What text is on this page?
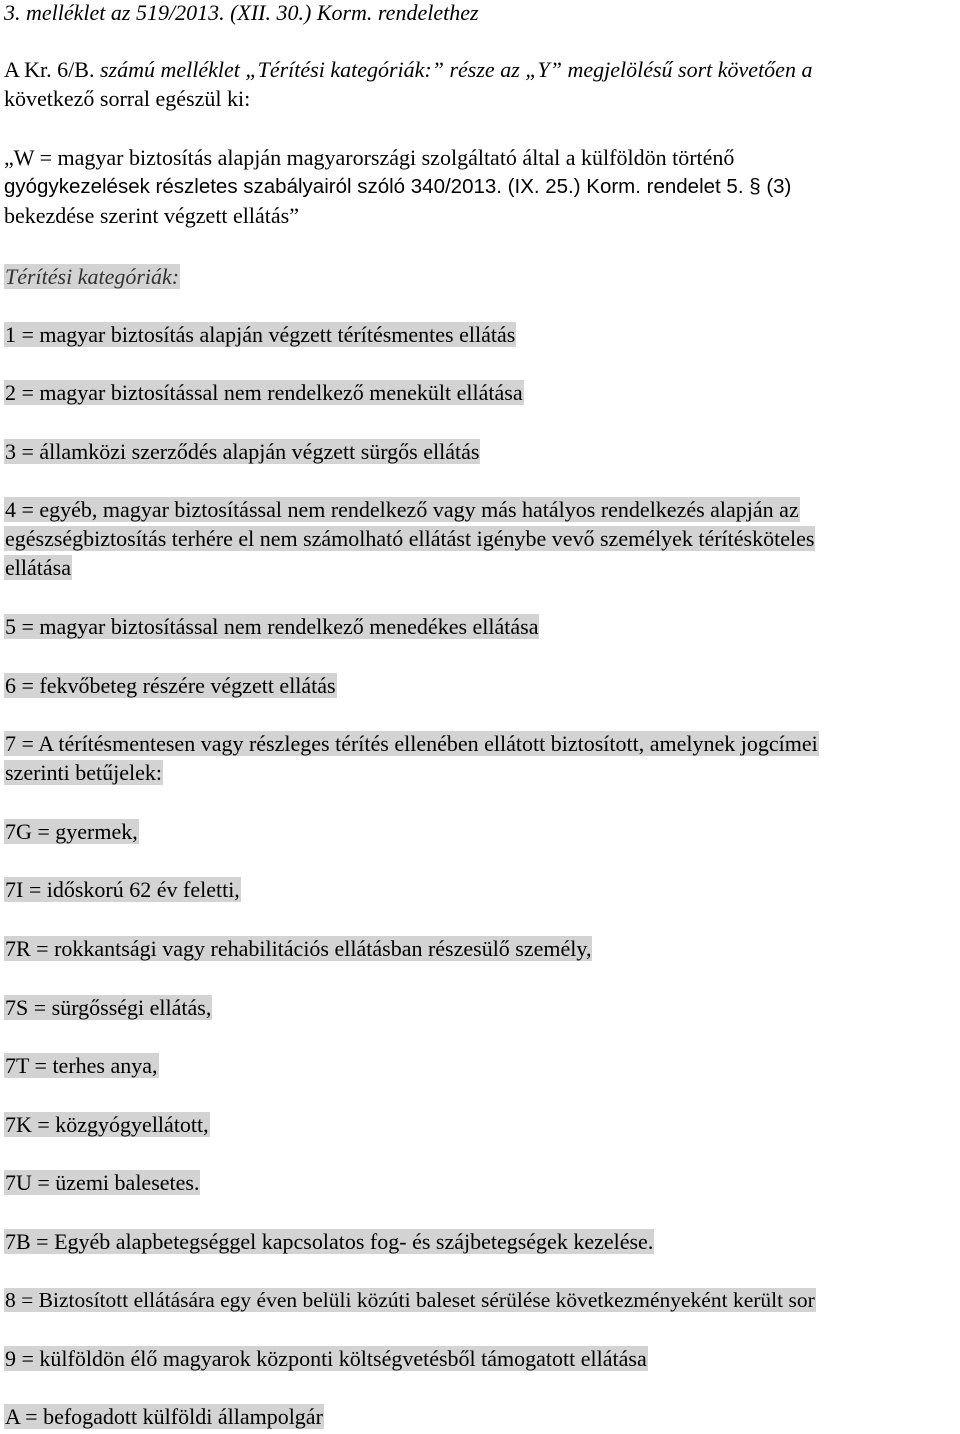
3. melléklet az 519/2013. (XII. 30.) Korm. rendelethez
A Kr. 6/B. számú melléklet „Térítési kategóriák:” része az „Y” megjelölésű sort követően a
következő sorral egészül ki:
„W = magyar biztosítás alapján magyarországi szolgáltató által a külföldön történő
gyógykezelések részletes szabályairól szóló 340/2013. (IX. 25.) Korm. rendelet 5. § (3)
bekezdése szerint végzett ellátás”
Térítési kategóriák:
1 = magyar biztosítás alapján végzett térítésmentes ellátás
2 = magyar biztosítással nem rendelkező menekült ellátása
3 = államközi szerződés alapján végzett sürgős ellátás
4 = egyéb, magyar biztosítással nem rendelkező vagy más hatályos rendelkezés alapján az
egészségbiztosítás terhére el nem számolható ellátást igénybe vevő személyek térítésköteles
ellátása
5 = magyar biztosítással nem rendelkező menedékes ellátása
6 = fekvőbeteg részére végzett ellátás
7 = A térítésmentesen vagy részleges térítés ellenében ellátott biztosított, amelynek jogcímei
szerinti betűjelek:
7G = gyermek,
7I = időskorú 62 év feletti,
7R = rokkantsági vagy rehabilitációs ellátásban részesülő személy,
7S = sürgősségi ellátás,
7T = terhes anya,
7K = közgyógyellátott,
7U = üzemi balesetes.
7B = Egyéb alapbetegséggel kapcsolatos fog- és szájbetegségek kezelése.
8 = Biztosított ellátására egy éven belüli közúti baleset sérülése következményeként került sor
9 = külföldön élő magyarok központi költségvetésből támogatott ellátása
A = befogadott külföldi állampolgár
